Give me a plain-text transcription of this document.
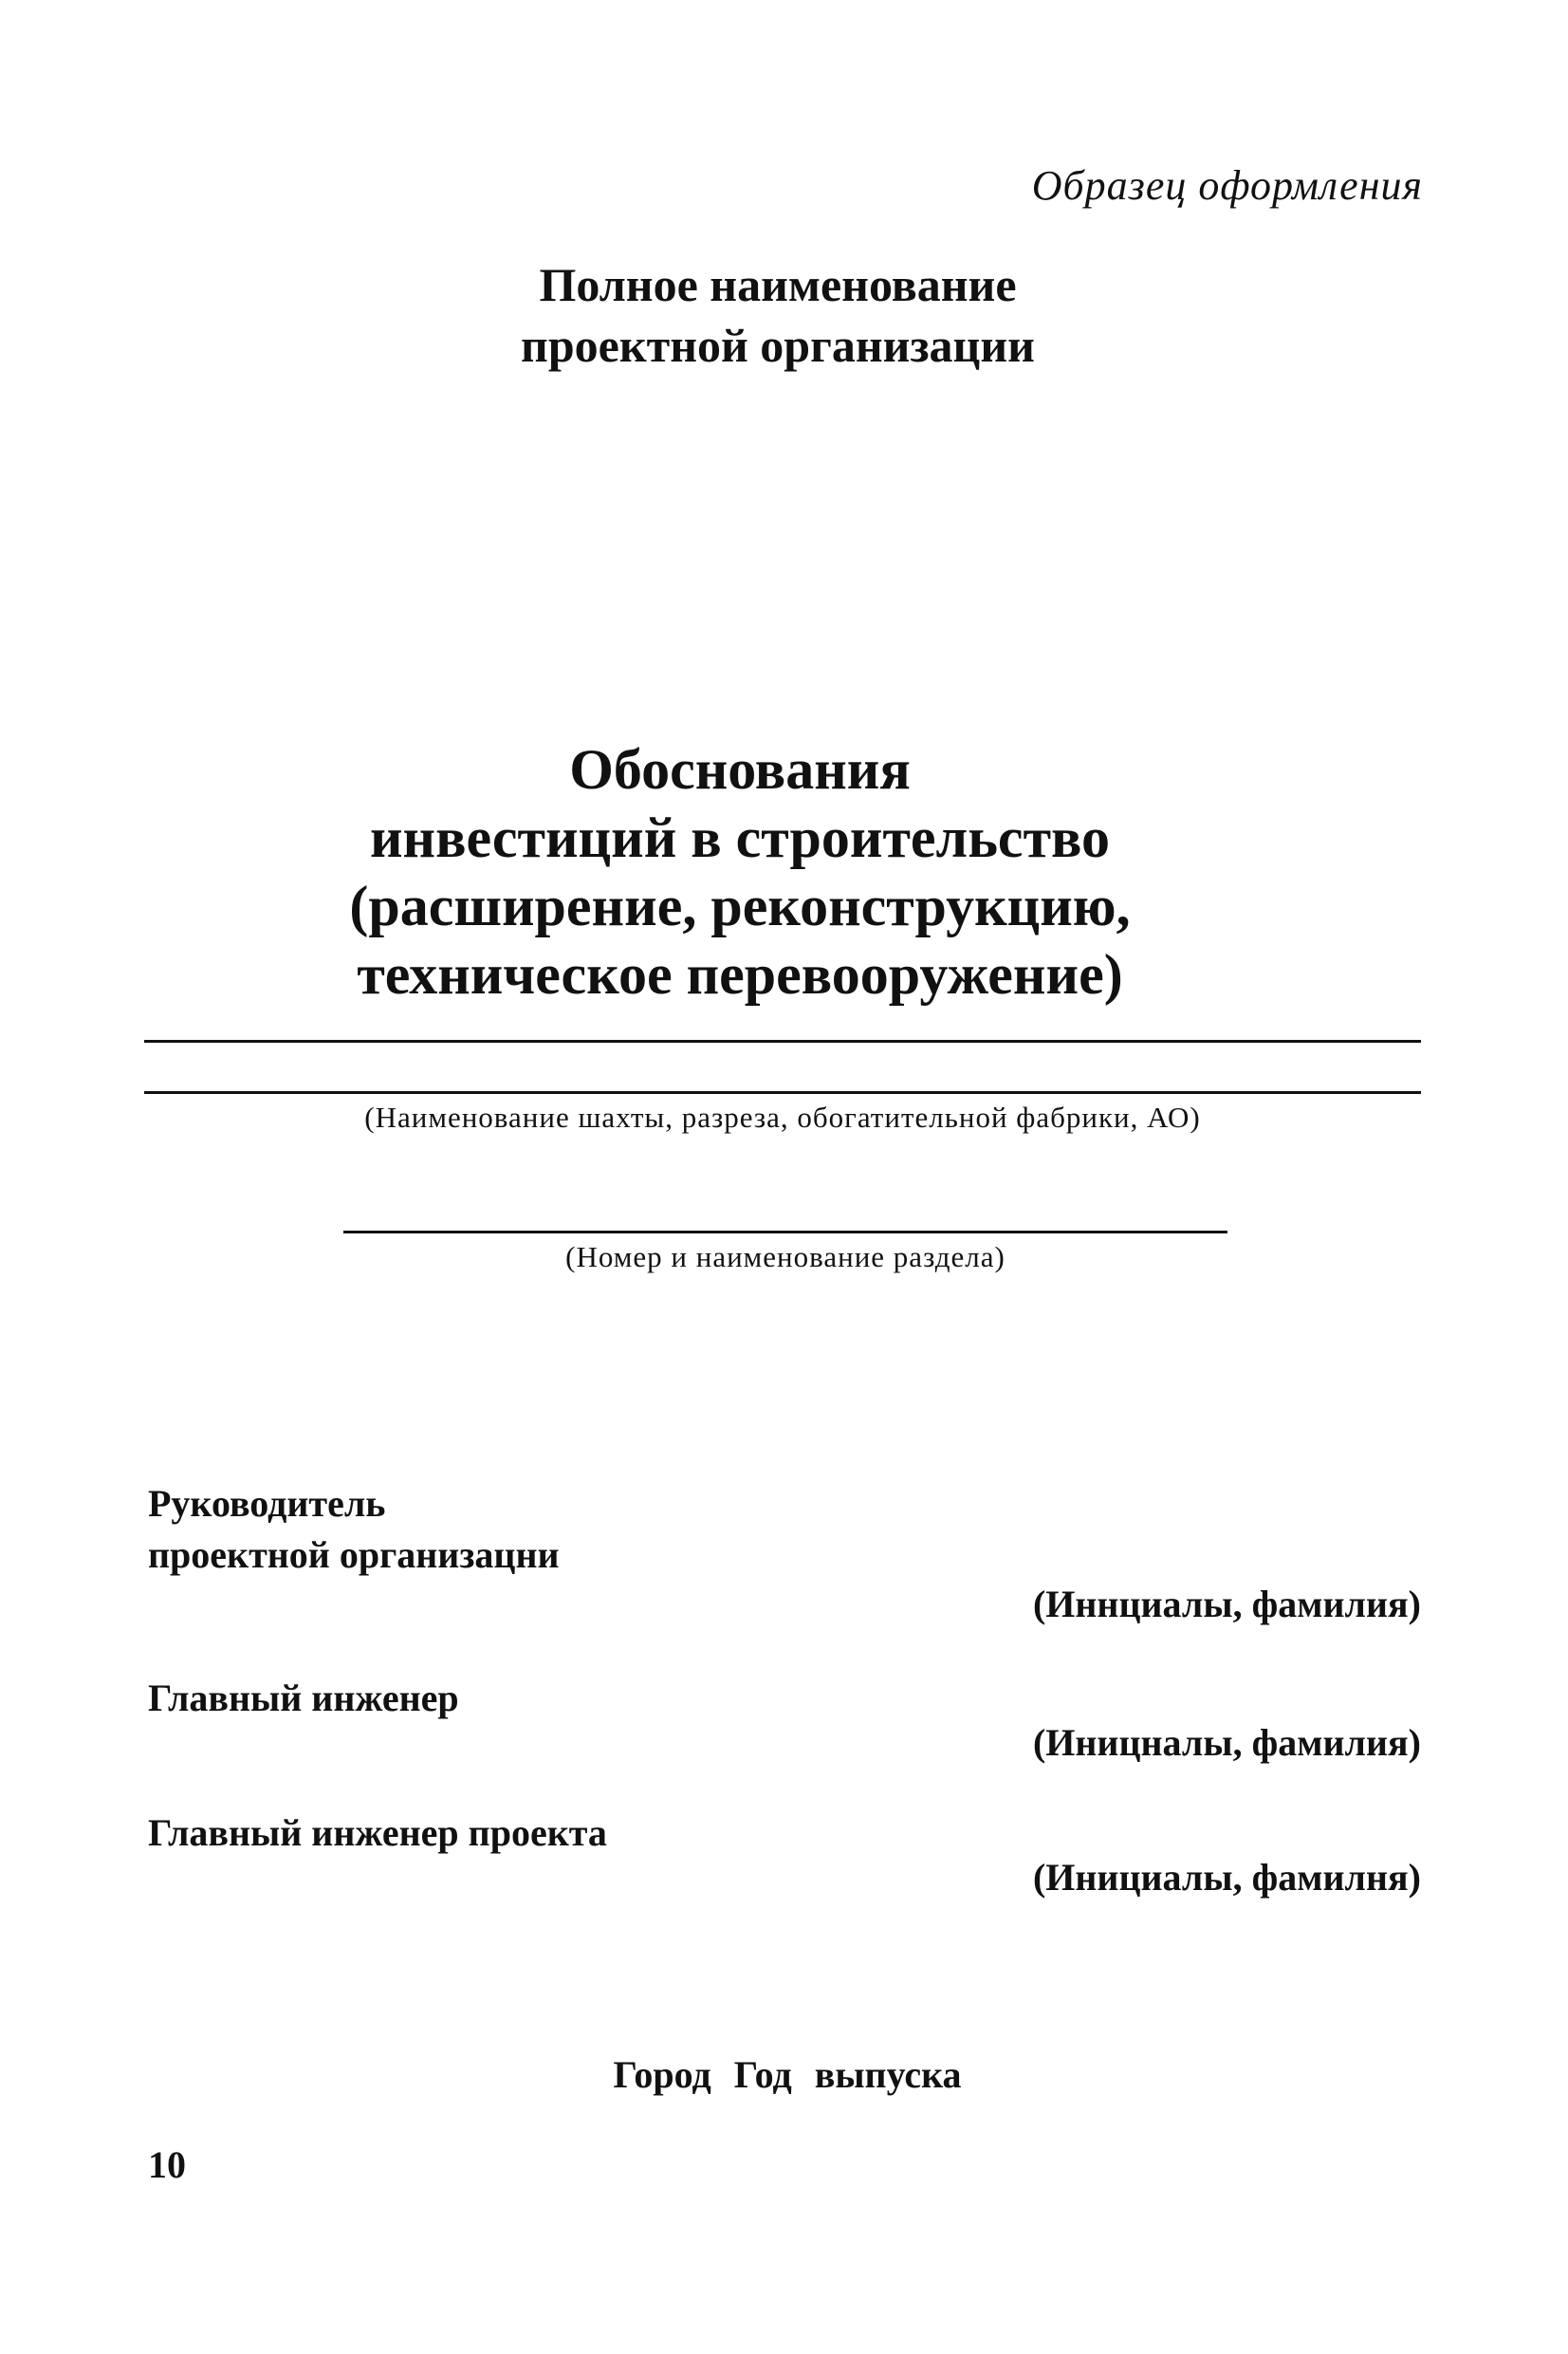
Образец оформления
Полное наименование
проектной организации
Обоснования
инвестиций в строительство
(расширение, реконструкцию,
техническое перевооружение)
(Наименование шахты, разреза, обогатительной фабрики, АО)
(Номер и наименование раздела)
Руководитель
проектной организацни
(Иннциалы, фамилия)
Главный инженер
(Иницналы, фамилия)
Главный инженер проекта
(Инициалы, фамилня)
Город Год выпуска
10
